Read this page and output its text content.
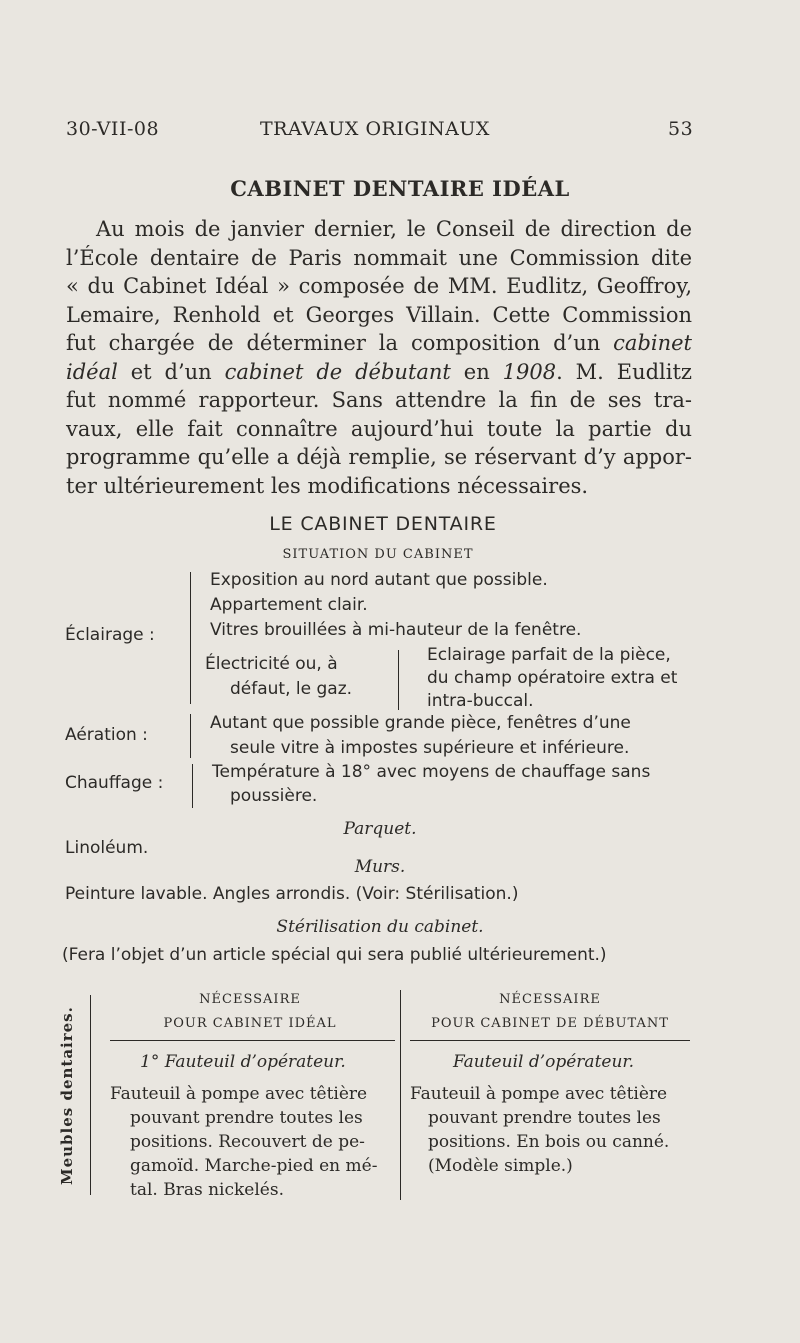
30-VII-08	TRAVAUX ORIGINAUX	53
CABINET DENTAIRE IDÉAL
Au mois de janvier dernier, le Conseil de direction de
l’École dentaire de Paris nommait une Commission dite
« du Cabinet Idéal » composée de MM. Eudlitz, Geoffroy,
Lemaire, Renhold et Georges Villain. Cette Commission
fut chargée de déterminer la composition d’un cabinet
idéal et d’un cabinet de débutant en 1908. M. Eudlitz
fut nommé rapporteur. Sans attendre la fin de ses tra-
vaux, elle fait connaître aujourd’hui toute la partie du
programme qu’elle a déjà remplie, se réservant d’y appor-
ter ultérieurement les modifications nécessaires.
LE CABINET DENTAIRE
SITUATION DU CABINET
Éclairage :
Exposition au nord autant que possible.
Appartement clair.
Vitres brouillées à mi-hauteur de la fenêtre.
Électricité ou, à
défaut, le gaz.
Eclairage parfait de la pièce,
du champ opératoire extra et
intra-buccal.
Aération :
Autant que possible grande pièce, fenêtres d’une
seule vitre à impostes supérieure et inférieure.
Chauffage :
Température à 18° avec moyens de chauffage sans
poussière.
Parquet.
Linoléum.
Murs.
Peinture lavable. Angles arrondis. (Voir: Stérilisation.)
Stérilisation du cabinet.
(Fera l’objet d’un article spécial qui sera publié ultérieurement.)
Meubles dentaires.
NÉCESSAIRE
POUR CABINET IDÉAL
1° Fauteuil d’opérateur.
Fauteuil à pompe avec têtière
pouvant prendre toutes les
positions. Recouvert de pe-
gamoïd. Marche-pied en mé-
tal. Bras nickelés.
NÉCESSAIRE
POUR CABINET DE DÉBUTANT
Fauteuil d’opérateur.
Fauteuil à pompe avec têtière
pouvant prendre toutes les
positions. En bois ou canné.
(Modèle simple.)
